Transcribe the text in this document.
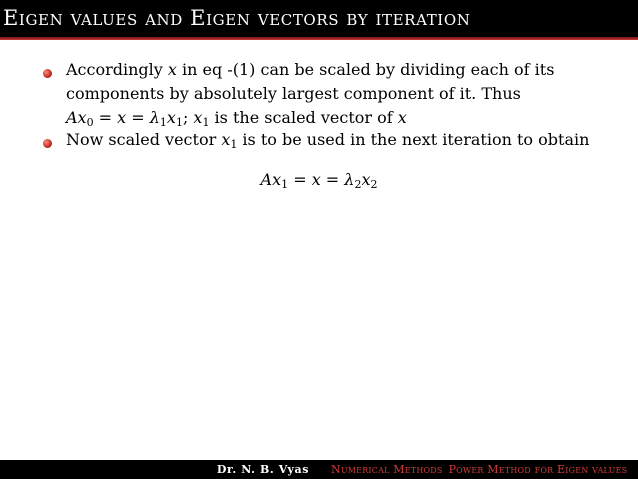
Eigen values and Eigen vectors by iteration
Accordingly x in eq -(1) can be scaled by dividing each of its
components by absolutely largest component of it. Thus
$Ax_0 = x = \lambda_1x_1$; $x_1$ is the scaled vector of x
Now scaled vector $x_1$ is to be used in the next iteration to obtain
$Ax_1 = x = \lambda_2x_2$
Dr. N. B. Vyas	Numerical Methods Power Method for Eigen values
